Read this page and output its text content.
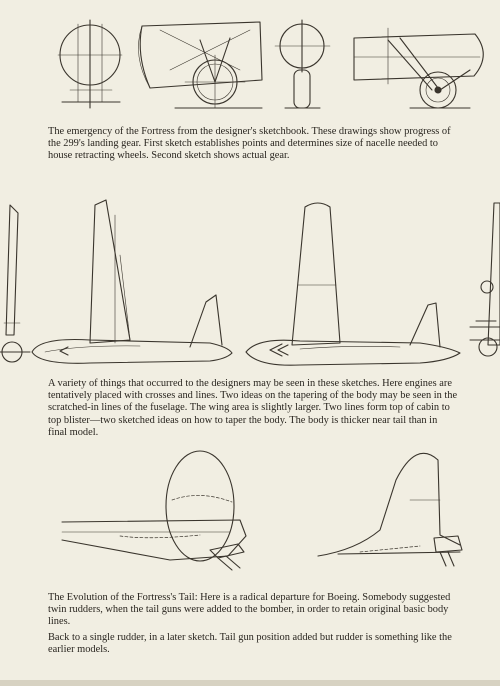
The emergency of the Fortress from the designer's sketchbook. These drawings show progress of the 299's landing gear. First sketch establishes points and determines size of nacelle needed to house retracting wheels. Second sketch shows actual gear.

A variety of things that occurred to the designers may be seen in these sketches. Here engines are tentatively placed with crosses and lines. Two ideas on the tapering of the body may be seen in the scratched-in lines of the fuselage. The wing area is slightly larger. Two lines form top of cabin to top blister—two sketched ideas on how to taper the body. The body is thicker near tail than in final model.

The Evolution of the Fortress's Tail: Here is a radical departure for Boeing. Somebody suggested twin rudders, when the tail guns were added to the bomber, in order to retain original basic body lines.

Back to a single rudder, in a later sketch. Tail gun position added but rudder is something like the earlier models.
